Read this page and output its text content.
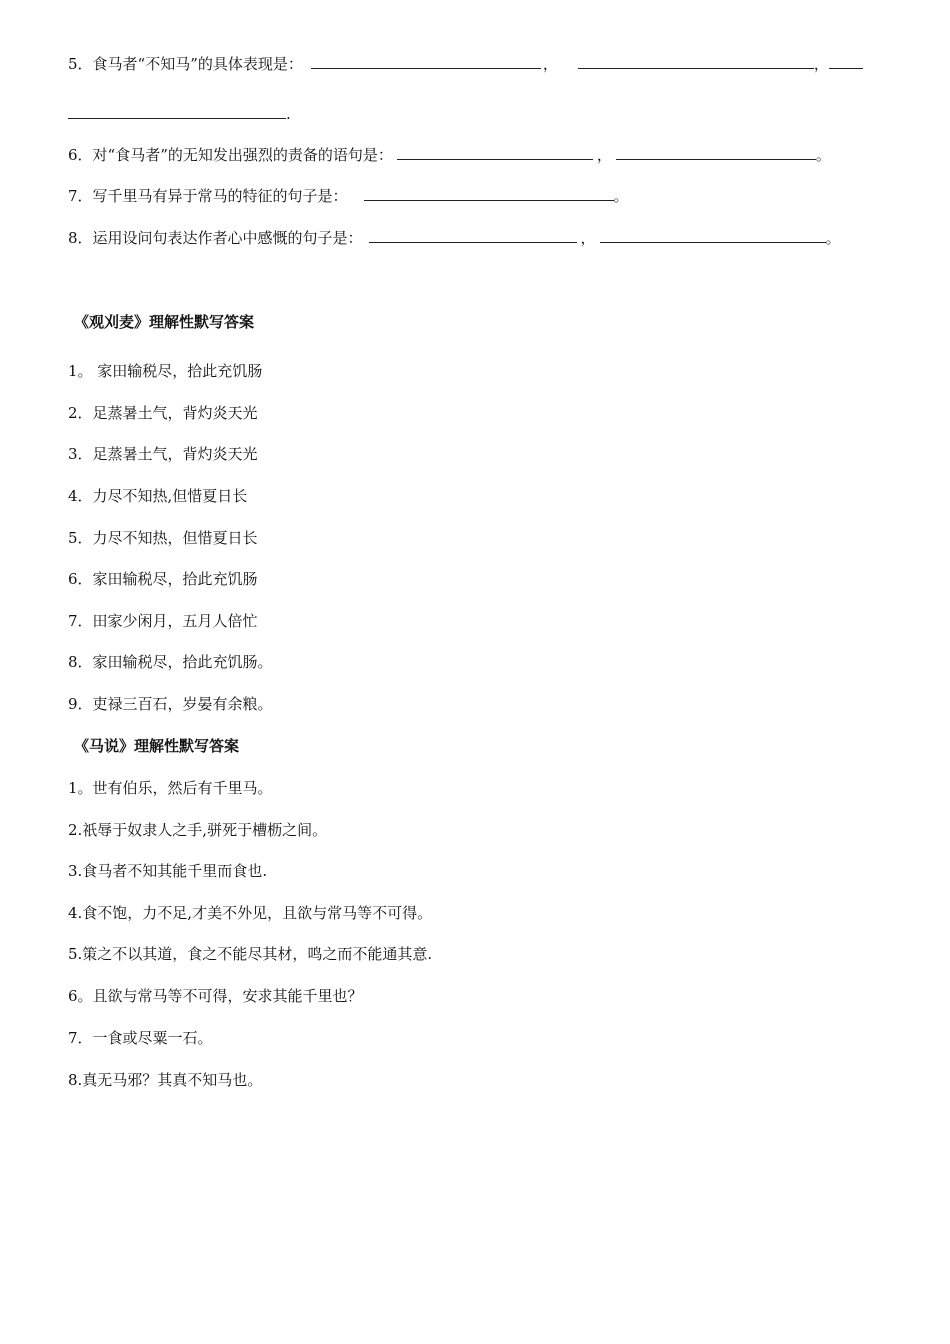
5．食马者“不知马”的具体表现是：	，	，
.
6．对“食马者”的无知发出强烈的责备的语句是：	，	。
7．写千里马有异于常马的特征的句子是：	。
8．运用设问句表达作者心中感慨的句子是：	，	。
《观刈麦》理解性默写答案
1。 家田输税尽，拾此充饥肠
2．足蒸暑土气，背灼炎天光
3．足蒸暑土气，背灼炎天光
4．力尽不知热,但惜夏日长
5．力尽不知热，但惜夏日长
6．家田输税尽，拾此充饥肠
7．田家少闲月，五月人倍忙
8．家田输税尽，拾此充饥肠。
9．吏禄三百石，岁晏有余粮。
《马说》理解性默写答案
1。世有伯乐，然后有千里马。
2.祇辱于奴隶人之手,骈死于槽枥之间。
3.食马者不知其能千里而食也.
4.食不饱，力不足,才美不外见，且欲与常马等不可得。
5.策之不以其道，食之不能尽其材，鸣之而不能通其意.
6。且欲与常马等不可得，安求其能千里也？
7．一食或尽粟一石。
8.真无马邪？其真不知马也。
